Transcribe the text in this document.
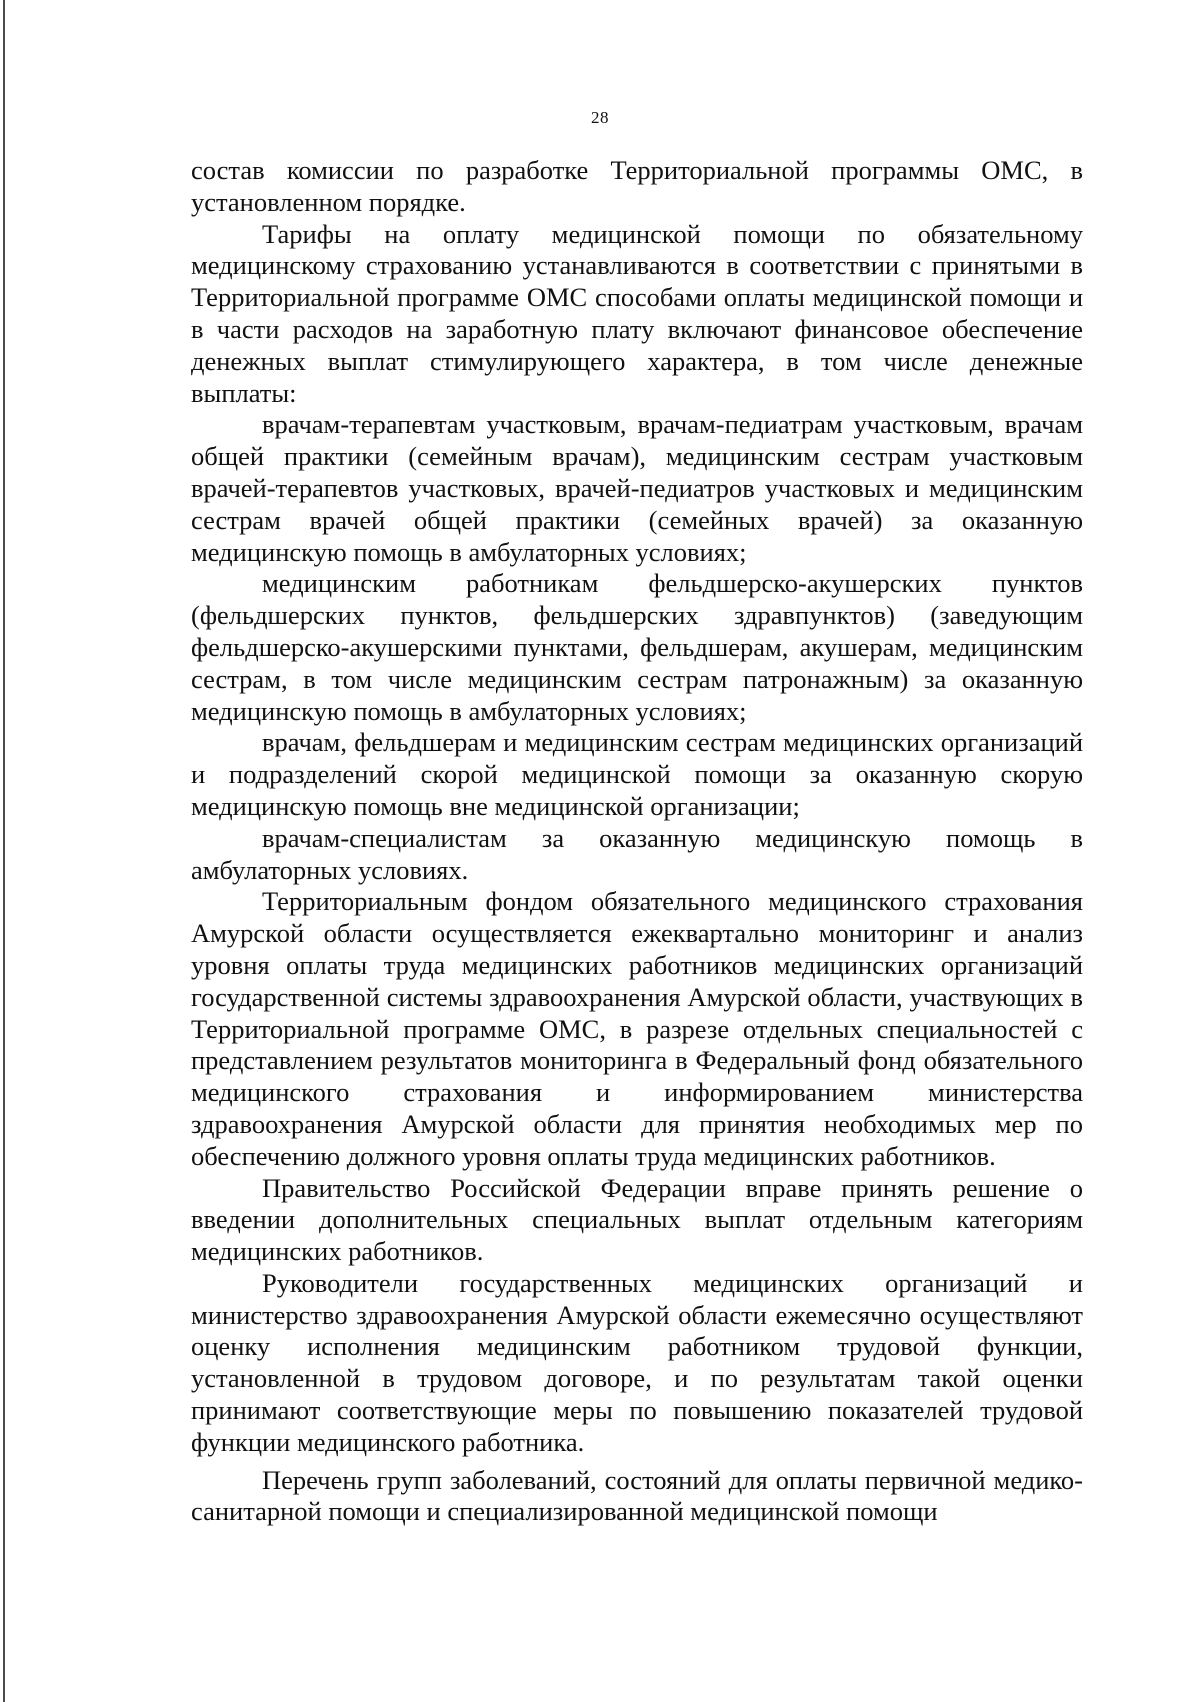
28

состав комиссии по разработке Территориальной программы ОМС, в установленном порядке.

Тарифы на оплату медицинской помощи по обязательному медицинскому страхованию устанавливаются в соответствии с принятыми в Территориальной программе ОМС способами оплаты медицинской помощи и в части расходов на заработную плату включают финансовое обеспечение денежных выплат стимулирующего характера, в том числе денежные выплаты:

врачам-терапевтам участковым, врачам-педиатрам участковым, врачам общей практики (семейным врачам), медицинским сестрам участковым врачей-терапевтов участковых, врачей-педиатров участковых и медицинским сестрам врачей общей практики (семейных врачей) за оказанную медицинскую помощь в амбулаторных условиях;

медицинским работникам фельдшерско-акушерских пунктов (фельдшерских пунктов, фельдшерских здравпунктов) (заведующим фельдшерско-акушерскими пунктами, фельдшерам, акушерам, медицинским сестрам, в том числе медицинским сестрам патронажным) за оказанную медицинскую помощь в амбулаторных условиях;

врачам, фельдшерам и медицинским сестрам медицинских организаций и подразделений скорой медицинской помощи за оказанную скорую медицинскую помощь вне медицинской организации;

врачам-специалистам за оказанную медицинскую помощь в амбулаторных условиях.

Территориальным фондом обязательного медицинского страхования Амурской области осуществляется ежеквартально мониторинг и анализ уровня оплаты труда медицинских работников медицинских организаций государственной системы здравоохранения Амурской области, участвующих в Территориальной программе ОМС, в разрезе отдельных специальностей с представлением результатов мониторинга в Федеральный фонд обязательного медицинского страхования и информированием министерства здравоохранения Амурской области для принятия необходимых мер по обеспечению должного уровня оплаты труда медицинских работников.

Правительство Российской Федерации вправе принять решение о введении дополнительных специальных выплат отдельным категориям медицинских работников.

Руководители государственных медицинских организаций и министерство здравоохранения Амурской области ежемесячно осуществляют оценку исполнения медицинским работником трудовой функции, установленной в трудовом договоре, и по результатам такой оценки принимают соответствующие меры по повышению показателей трудовой функции медицинского работника.

Перечень групп заболеваний, состояний для оплаты первичной медико-санитарной помощи и специализированной медицинской помощи
